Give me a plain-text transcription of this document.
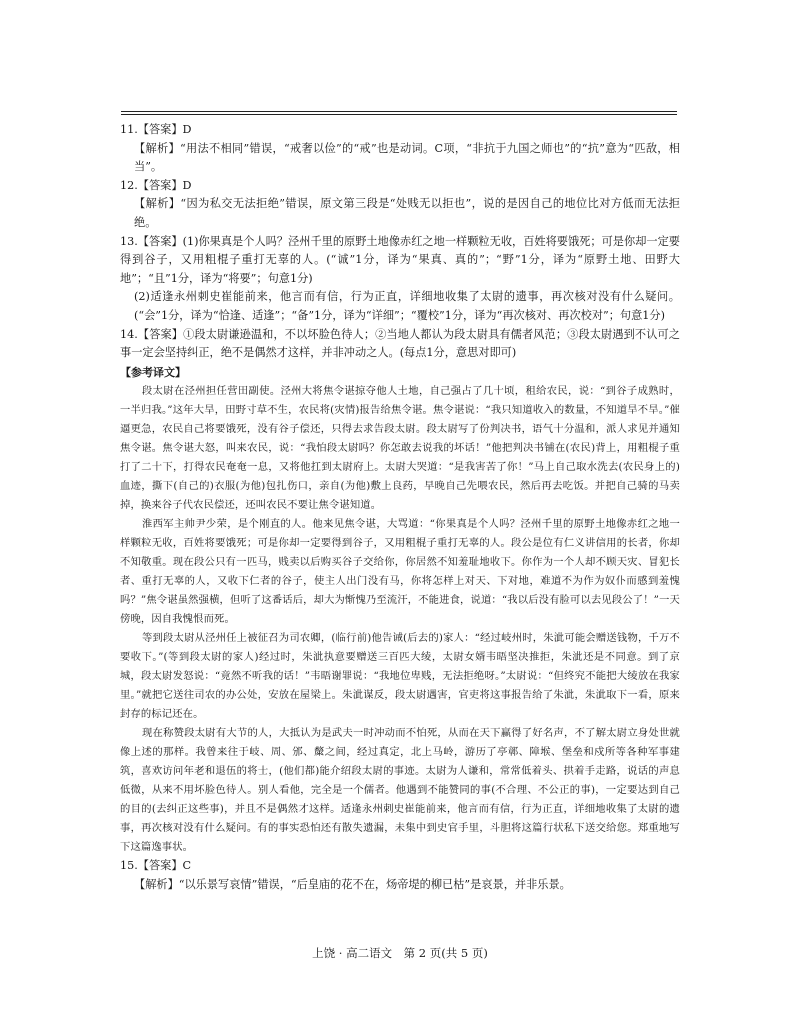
11.【答案】D

【解析】“用法不相同”错误，“戒奢以俭”的“戒”也是动词。C项，“非抗于九国之师也”的“抗”意为“匹敌，相当”。

12.【答案】D

【解析】“因为私交无法拒绝”错误，原文第三段是“处贱无以拒也”，说的是因自己的地位比对方低而无法拒绝。

13.【答案】(1)你果真是个人吗？泾州千里的原野土地像赤红之地一样颗粒无收，百姓将要饿死；可是你却一定要得到谷子，又用粗棍子重打无辜的人。(“诚”1分，译为“果真、真的”；“野”1分，译为“原野土地、田野大地”；“且”1分，译为“将要”；句意1分)

(2)适逢永州刺史崔能前来，他言而有信，行为正直，详细地收集了太尉的遗事，再次核对没有什么疑问。(“会”1分，译为“恰逢、适逢”；“备”1分，译为“详细”；“覆校”1分，译为“再次核对、再次校对”；句意1分)

14.【答案】①段太尉谦逊温和，不以坏脸色待人；②当地人都认为段太尉具有儒者风范；③段太尉遇到不认可之事一定会坚持纠正，绝不是偶然才这样，并非冲动之人。(每点1分，意思对即可)

【参考译文】

段太尉在泾州担任营田副使。泾州大将焦令谌掠夺他人土地，自己强占了几十顷，租给农民，说：“到谷子成熟时，一半归我。”这年大旱，田野寸草不生，农民将(灾情)报告给焦令谌。焦令谌说：“我只知道收入的数量，不知道旱不旱。”催逼更急，农民自己将要饿死，没有谷子偿还，只得去求告段太尉。段太尉写了份判决书，语气十分温和，派人求见并通知焦令谌。焦令谌大怒，叫来农民，说：“我怕段太尉吗？你怎敢去说我的坏话！”他把判决书铺在(农民)背上，用粗棍子重打了二十下，打得农民奄奄一息，又将他扛到太尉府上。太尉大哭道：“是我害苦了你！”马上自己取水洗去(农民身上的)血迹，撕下(自己的)衣服(为他)包扎伤口，亲自(为他)敷上良药，早晚自己先喂农民，然后再去吃饭。并把自己骑的马卖掉，换来谷子代农民偿还，还叫农民不要让焦令谌知道。

淮西军主帅尹少荣，是个刚直的人。他来见焦令谌，大骂道：“你果真是个人吗？泾州千里的原野土地像赤红之地一样颗粒无收，百姓将要饿死；可是你却一定要得到谷子，又用粗棍子重打无辜的人。段公是位有仁义讲信用的长者，你却不知敬重。现在段公只有一匹马，贱卖以后购买谷子交给你，你居然不知羞耻地收下。你作为一个人却不顾天灾、冒犯长者、重打无辜的人，又收下仁者的谷子，使主人出门没有马，你将怎样上对天、下对地，难道不为作为奴仆而感到羞愧吗？”焦令谌虽然强横，但听了这番话后，却大为惭愧乃至流汗，不能进食，说道：“我以后没有脸可以去见段公了！”一天傍晚，因自我愧恨而死。

等到段太尉从泾州任上被征召为司农卿，(临行前)他告诫(后去的)家人：“经过岐州时，朱泚可能会赠送钱物，千万不要收下。”(等到段太尉的家人)经过时，朱泚执意要赠送三百匹大绫，太尉女婿韦晤坚决推拒，朱泚还是不同意。到了京城，段太尉发怒说：“竟然不听我的话！”韦晤谢罪说：“我地位卑贱，无法拒绝呀。”太尉说：“但终究不能把大绫放在我家里。”就把它送往司农的办公处，安放在屋梁上。朱泚谋反，段太尉遇害，官吏将这事报告给了朱泚，朱泚取下一看，原来封存的标记还在。

现在称赞段太尉有大节的人，大抵认为是武夫一时冲动而不怕死，从而在天下赢得了好名声，不了解太尉立身处世就像上述的那样。我曾来往于岐、周、邠、斄之间，经过真定，北上马岭，游历了亭鄣、障堠、堡垒和戍所等各种军事建筑，喜欢访问年老和退伍的将士，(他们都)能介绍段太尉的事迹。太尉为人谦和，常常低着头、拱着手走路，说话的声息低微，从来不用坏脸色待人。别人看他，完全是一个儒者。他遇到不能赞同的事(不合理、不公正的事)，一定要达到自己的目的(去纠正这些事)，并且不是偶然才这样。适逢永州刺史崔能前来，他言而有信，行为正直，详细地收集了太尉的遗事，再次核对没有什么疑问。有的事实恐怕还有散失遗漏，未集中到史官手里，斗胆将这篇行状私下送交给您。郑重地写下这篇逸事状。

15.【答案】C

【解析】“以乐景写哀情”错误，“后皇庙的花不在，炀帝堤的柳已枯”是哀景，并非乐景。

上饶 · 高二语文　第 2 页(共 5 页)
